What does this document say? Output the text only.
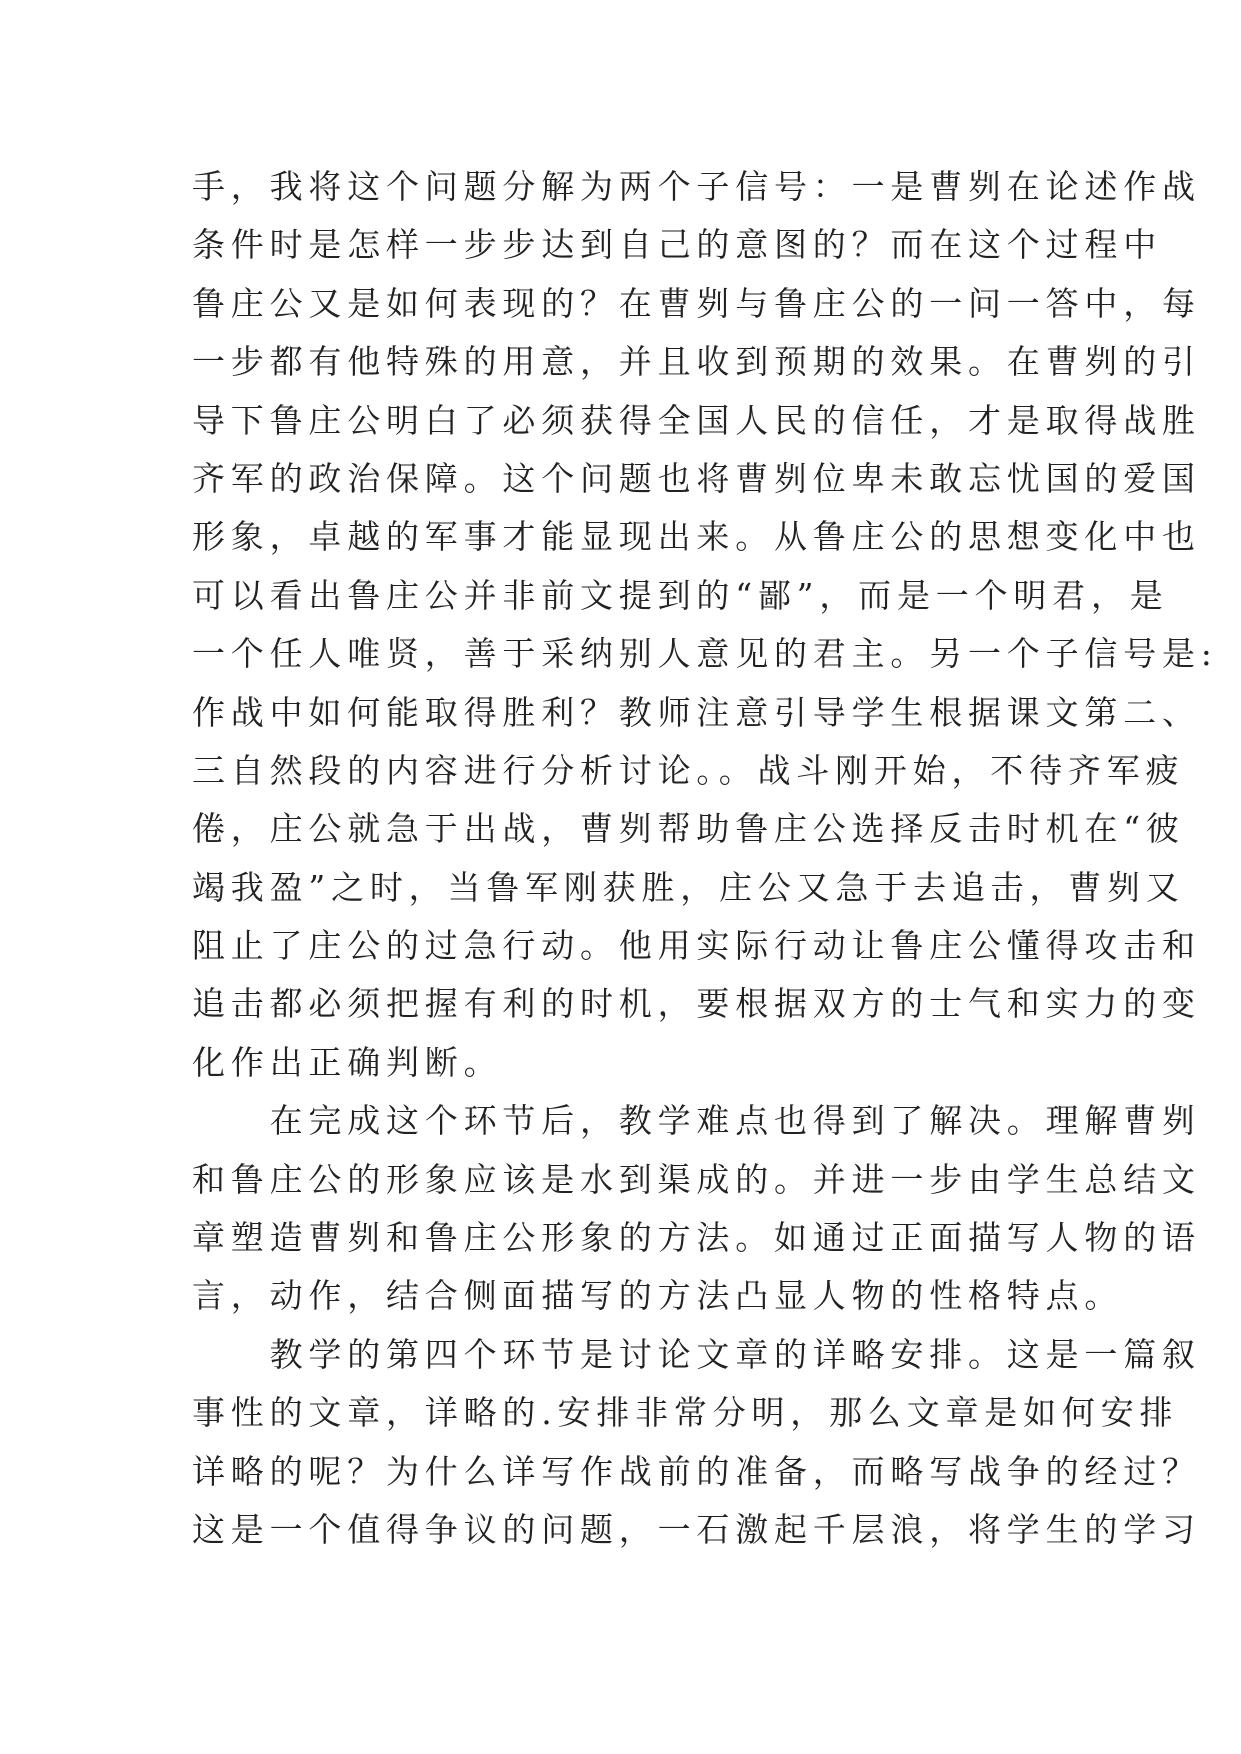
手，我将这个问题分解为两个子信号：一是曹刿在论述作战
条件时是怎样一步步达到自己的意图的？而在这个过程中
鲁庄公又是如何表现的？在曹刿与鲁庄公的一问一答中，每
一步都有他特殊的用意，并且收到预期的效果。在曹刿的引
导下鲁庄公明白了必须获得全国人民的信任，才是取得战胜
齐军的政治保障。这个问题也将曹刿位卑未敢忘忧国的爱国
形象，卓越的军事才能显现出来。从鲁庄公的思想变化中也
可以看出鲁庄公并非前文提到的“鄙”，而是一个明君，是
一个任人唯贤，善于采纳别人意见的君主。另一个子信号是:
作战中如何能取得胜利？教师注意引导学生根据课文第二、
三自然段的内容进行分析讨论。。战斗刚开始，不待齐军疲
倦，庄公就急于出战，曹刿帮助鲁庄公选择反击时机在“彼
竭我盈”之时，当鲁军刚获胜，庄公又急于去追击，曹刿又
阻止了庄公的过急行动。他用实际行动让鲁庄公懂得攻击和
追击都必须把握有利的时机，要根据双方的士气和实力的变
化作出正确判断。
　　在完成这个环节后，教学难点也得到了解决。理解曹刿
和鲁庄公的形象应该是水到渠成的。并进一步由学生总结文
章塑造曹刿和鲁庄公形象的方法。如通过正面描写人物的语
言，动作，结合侧面描写的方法凸显人物的性格特点。
　　教学的第四个环节是讨论文章的详略安排。这是一篇叙
事性的文章，详略的.安排非常分明，那么文章是如何安排
详略的呢？为什么详写作战前的准备，而略写战争的经过？
这是一个值得争议的问题，一石激起千层浪，将学生的学习
